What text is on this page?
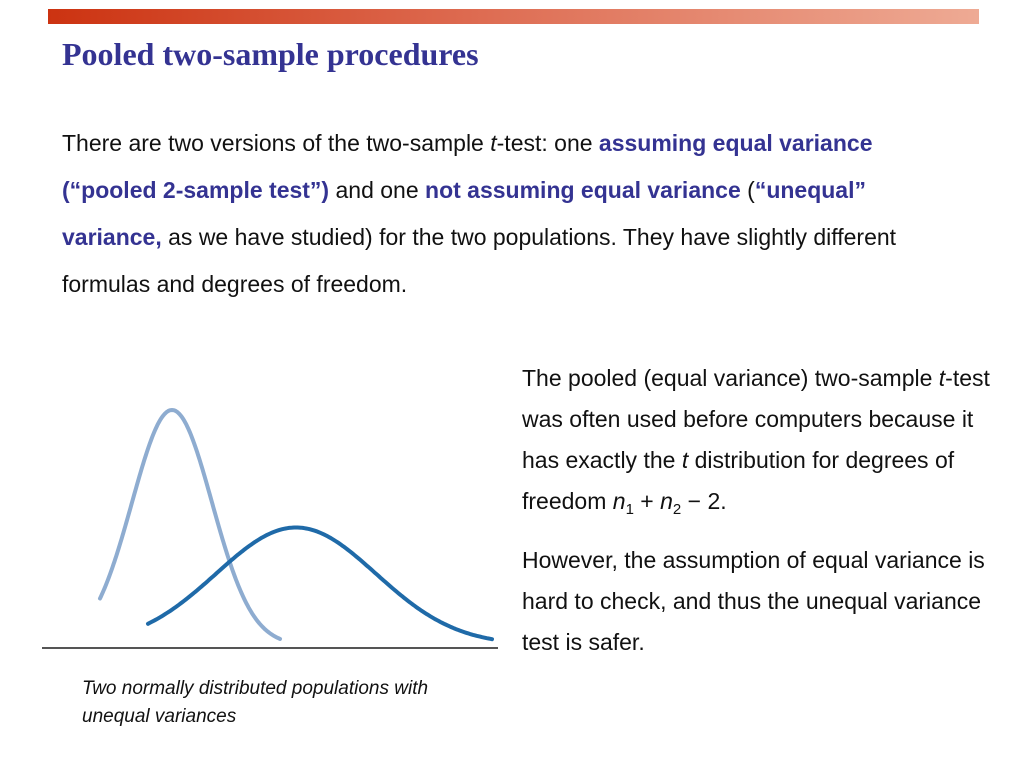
Pooled two-sample procedures
There are two versions of the two-sample t-test: one assuming equal variance (“pooled 2-sample test”) and one not assuming equal variance (“unequal” variance, as we have studied) for the two populations. They have slightly different formulas and degrees of freedom.

The pooled (equal variance) two-sample t-test was often used before computers because it has exactly the t distribution for degrees of freedom $n_1 + n_2 - 2$.

However, the assumption of equal variance is hard to check, and thus the unequal variance test is safer.

Two normally distributed populations with unequal variances
